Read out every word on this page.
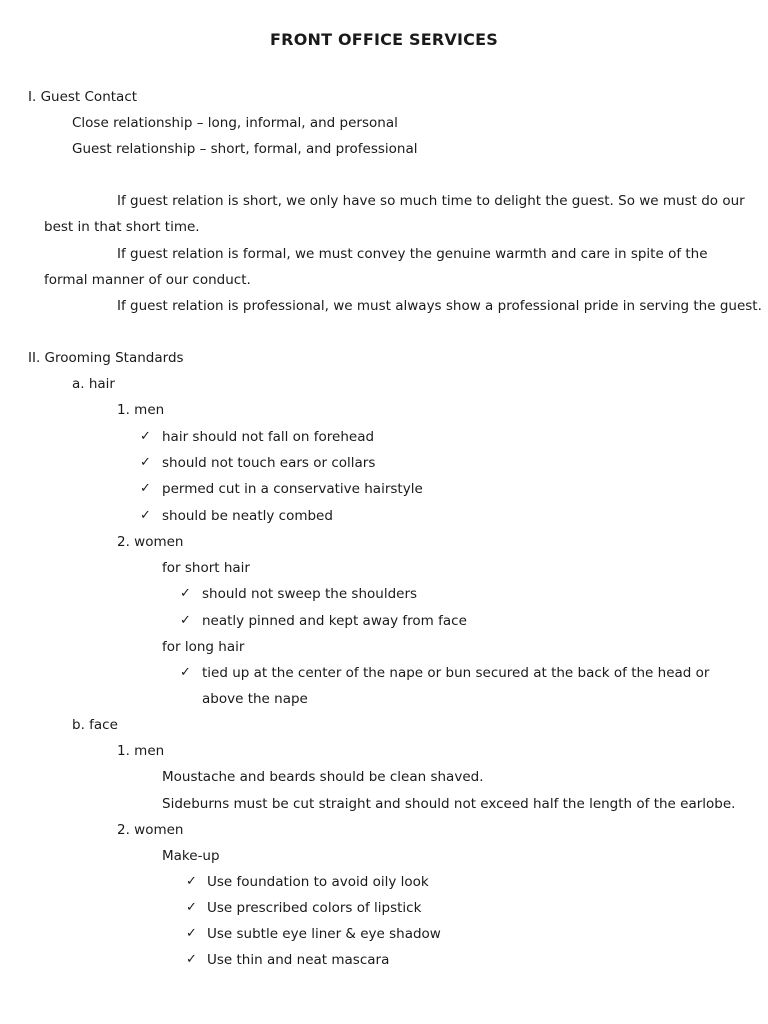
FRONT OFFICE SERVICES
I. Guest Contact
Close relationship – long, informal, and personal
Guest relationship – short, formal, and professional
If guest relation is short, we only have so much time to delight the guest. So we must do our
best in that short time.
If guest relation is formal, we must convey the genuine warmth and care in spite of the
formal manner of our conduct.
If guest relation is professional, we must always show a professional pride in serving the guest.
II. Grooming Standards
a. hair
1. men
✓ hair should not fall on forehead
✓ should not touch ears or collars
✓ permed cut in a conservative hairstyle
✓ should be neatly combed
2. women
for short hair
✓ should not sweep the shoulders
✓ neatly pinned and kept away from face
for long hair
✓ tied up at the center of the nape or bun secured at the back of the head or
above the nape
b. face
1. men
Moustache and beards should be clean shaved.
Sideburns must be cut straight and should not exceed half the length of the earlobe.
2. women
Make-up
✓ Use foundation to avoid oily look
✓ Use prescribed colors of lipstick
✓ Use subtle eye liner & eye shadow
✓ Use thin and neat mascara
